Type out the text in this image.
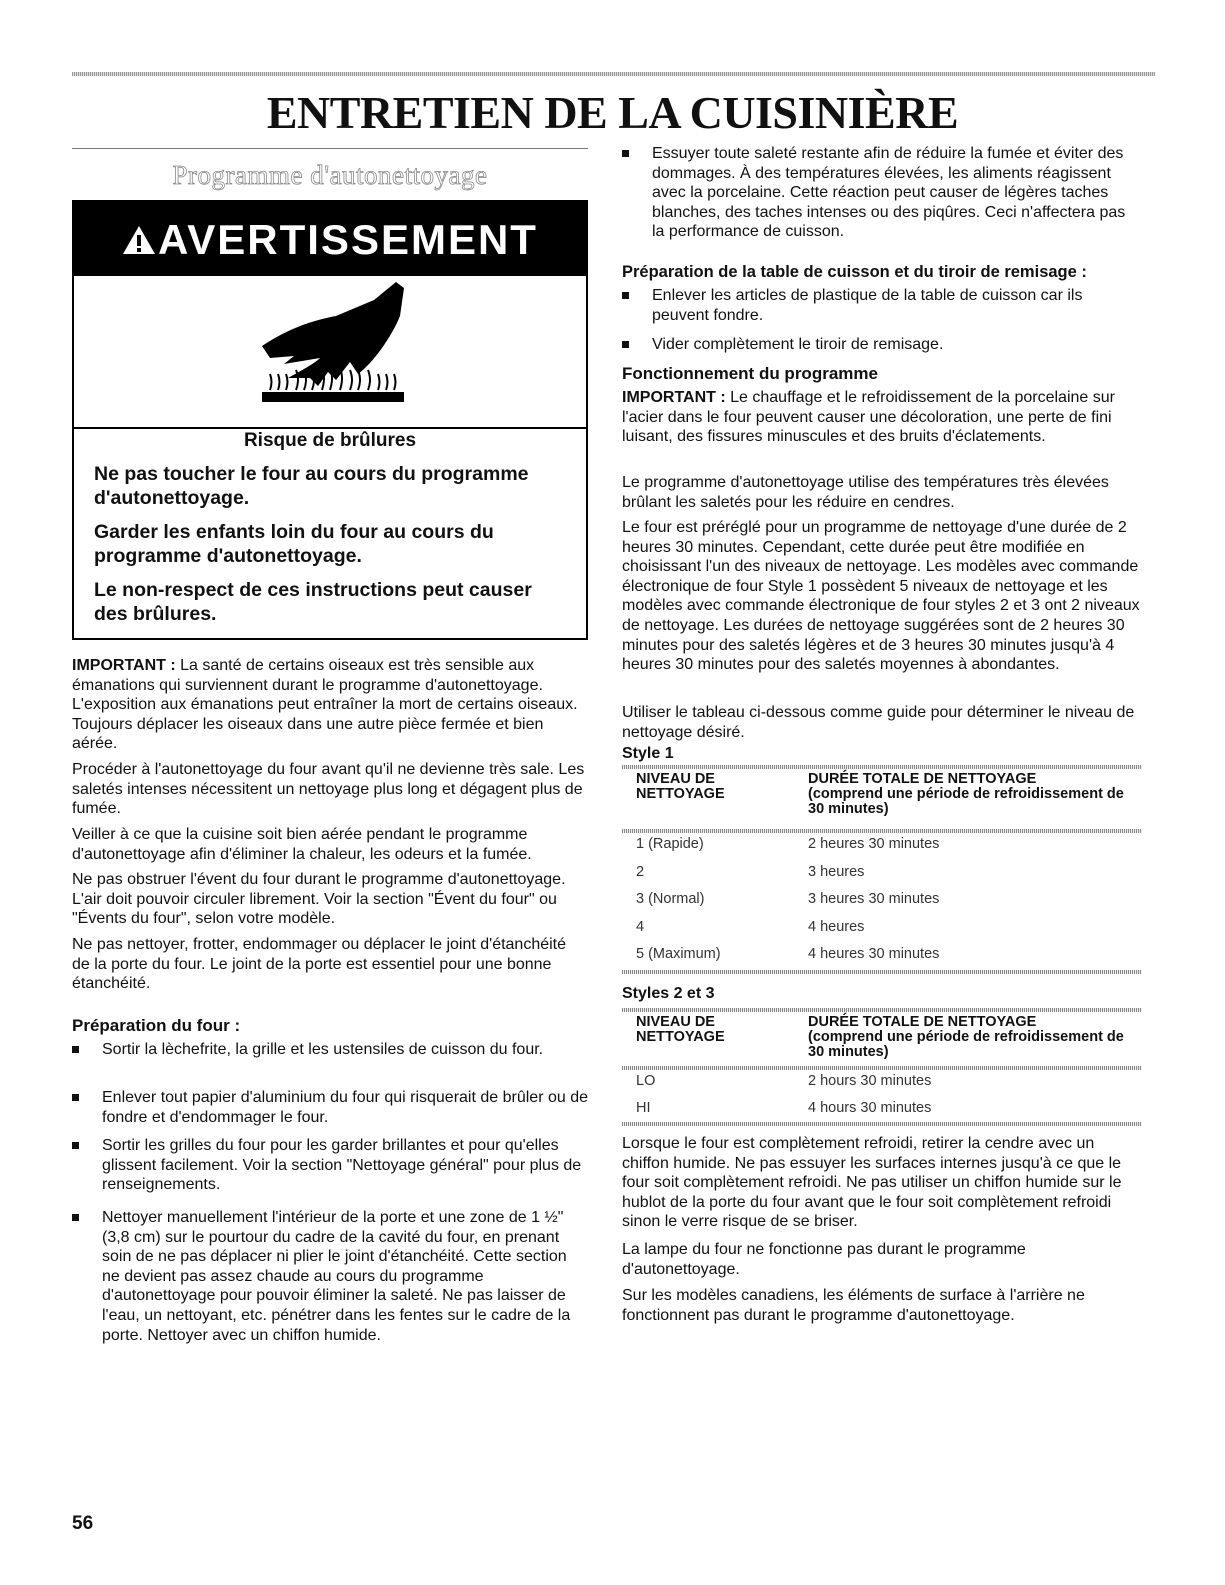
ENTRETIEN DE LA CUISINIÈRE
Programme d'autonettoyage
AVERTISSEMENT
Risque de brûlures
Ne pas toucher le four au cours du programme d'autonettoyage.
Garder les enfants loin du four au cours du programme d'autonettoyage.
Le non-respect de ces instructions peut causer des brûlures.
IMPORTANT : La santé de certains oiseaux est très sensible aux émanations qui surviennent durant le programme d'autonettoyage. L'exposition aux émanations peut entraîner la mort de certains oiseaux. Toujours déplacer les oiseaux dans une autre pièce fermée et bien aérée.
Procéder à l'autonettoyage du four avant qu'il ne devienne très sale. Les saletés intenses nécessitent un nettoyage plus long et dégagent plus de fumée.
Veiller à ce que la cuisine soit bien aérée pendant le programme d'autonettoyage afin d'éliminer la chaleur, les odeurs et la fumée.
Ne pas obstruer l'évent du four durant le programme d'autonettoyage. L'air doit pouvoir circuler librement. Voir la section "Évent du four" ou "Évents du four", selon votre modèle.
Ne pas nettoyer, frotter, endommager ou déplacer le joint d'étanchéité de la porte du four. Le joint de la porte est essentiel pour une bonne étanchéité.
Préparation du four :
Sortir la lèchefrite, la grille et les ustensiles de cuisson du four.
Enlever tout papier d'aluminium du four qui risquerait de brûler ou de fondre et d'endommager le four.
Sortir les grilles du four pour les garder brillantes et pour qu'elles glissent facilement. Voir la section "Nettoyage général" pour plus de renseignements.
Nettoyer manuellement l'intérieur de la porte et une zone de 1 ½" (3,8 cm) sur le pourtour du cadre de la cavité du four, en prenant soin de ne pas déplacer ni plier le joint d'étanchéité. Cette section ne devient pas assez chaude au cours du programme d'autonettoyage pour pouvoir éliminer la saleté. Ne pas laisser de l'eau, un nettoyant, etc. pénétrer dans les fentes sur le cadre de la porte. Nettoyer avec un chiffon humide.
Essuyer toute saleté restante afin de réduire la fumée et éviter des dommages. À des températures élevées, les aliments réagissent avec la porcelaine. Cette réaction peut causer de légères taches blanches, des taches intenses ou des piqûres. Ceci n'affectera pas la performance de cuisson.
Préparation de la table de cuisson et du tiroir de remisage :
Enlever les articles de plastique de la table de cuisson car ils peuvent fondre.
Vider complètement le tiroir de remisage.
Fonctionnement du programme
IMPORTANT : Le chauffage et le refroidissement de la porcelaine sur l'acier dans le four peuvent causer une décoloration, une perte de fini luisant, des fissures minuscules et des bruits d'éclatements.
Le programme d'autonettoyage utilise des températures très élevées brûlant les saletés pour les réduire en cendres.
Le four est préréglé pour un programme de nettoyage d'une durée de 2 heures 30 minutes. Cependant, cette durée peut être modifiée en choisissant l'un des niveaux de nettoyage. Les modèles avec commande électronique de four Style 1 possèdent 5 niveaux de nettoyage et les modèles avec commande électronique de four styles 2 et 3 ont 2 niveaux de nettoyage. Les durées de nettoyage suggérées sont de 2 heures 30 minutes pour des saletés légères et de 3 heures 30 minutes jusqu'à 4 heures 30 minutes pour des saletés moyennes à abondantes.
Utiliser le tableau ci-dessous comme guide pour déterminer le niveau de nettoyage désiré.
Style 1
NIVEAU DE NETTOYAGE
DURÉE TOTALE DE NETTOYAGE
(comprend une période de refroidissement de 30 minutes)
1 (Rapide)	2 heures 30 minutes
2	3 heures
3 (Normal)	3 heures 30 minutes
4	4 heures
5 (Maximum)	4 heures 30 minutes
Styles 2 et 3
NIVEAU DE NETTOYAGE
DURÉE TOTALE DE NETTOYAGE
(comprend une période de refroidissement de 30 minutes)
LO	2 hours 30 minutes
HI	4 hours 30 minutes
Lorsque le four est complètement refroidi, retirer la cendre avec un chiffon humide. Ne pas essuyer les surfaces internes jusqu'à ce que le four soit complètement refroidi. Ne pas utiliser un chiffon humide sur le hublot de la porte du four avant que le four soit complètement refroidi sinon le verre risque de se briser.
La lampe du four ne fonctionne pas durant le programme d'autonettoyage.
Sur les modèles canadiens, les éléments de surface à l'arrière ne fonctionnent pas durant le programme d'autonettoyage.
56
